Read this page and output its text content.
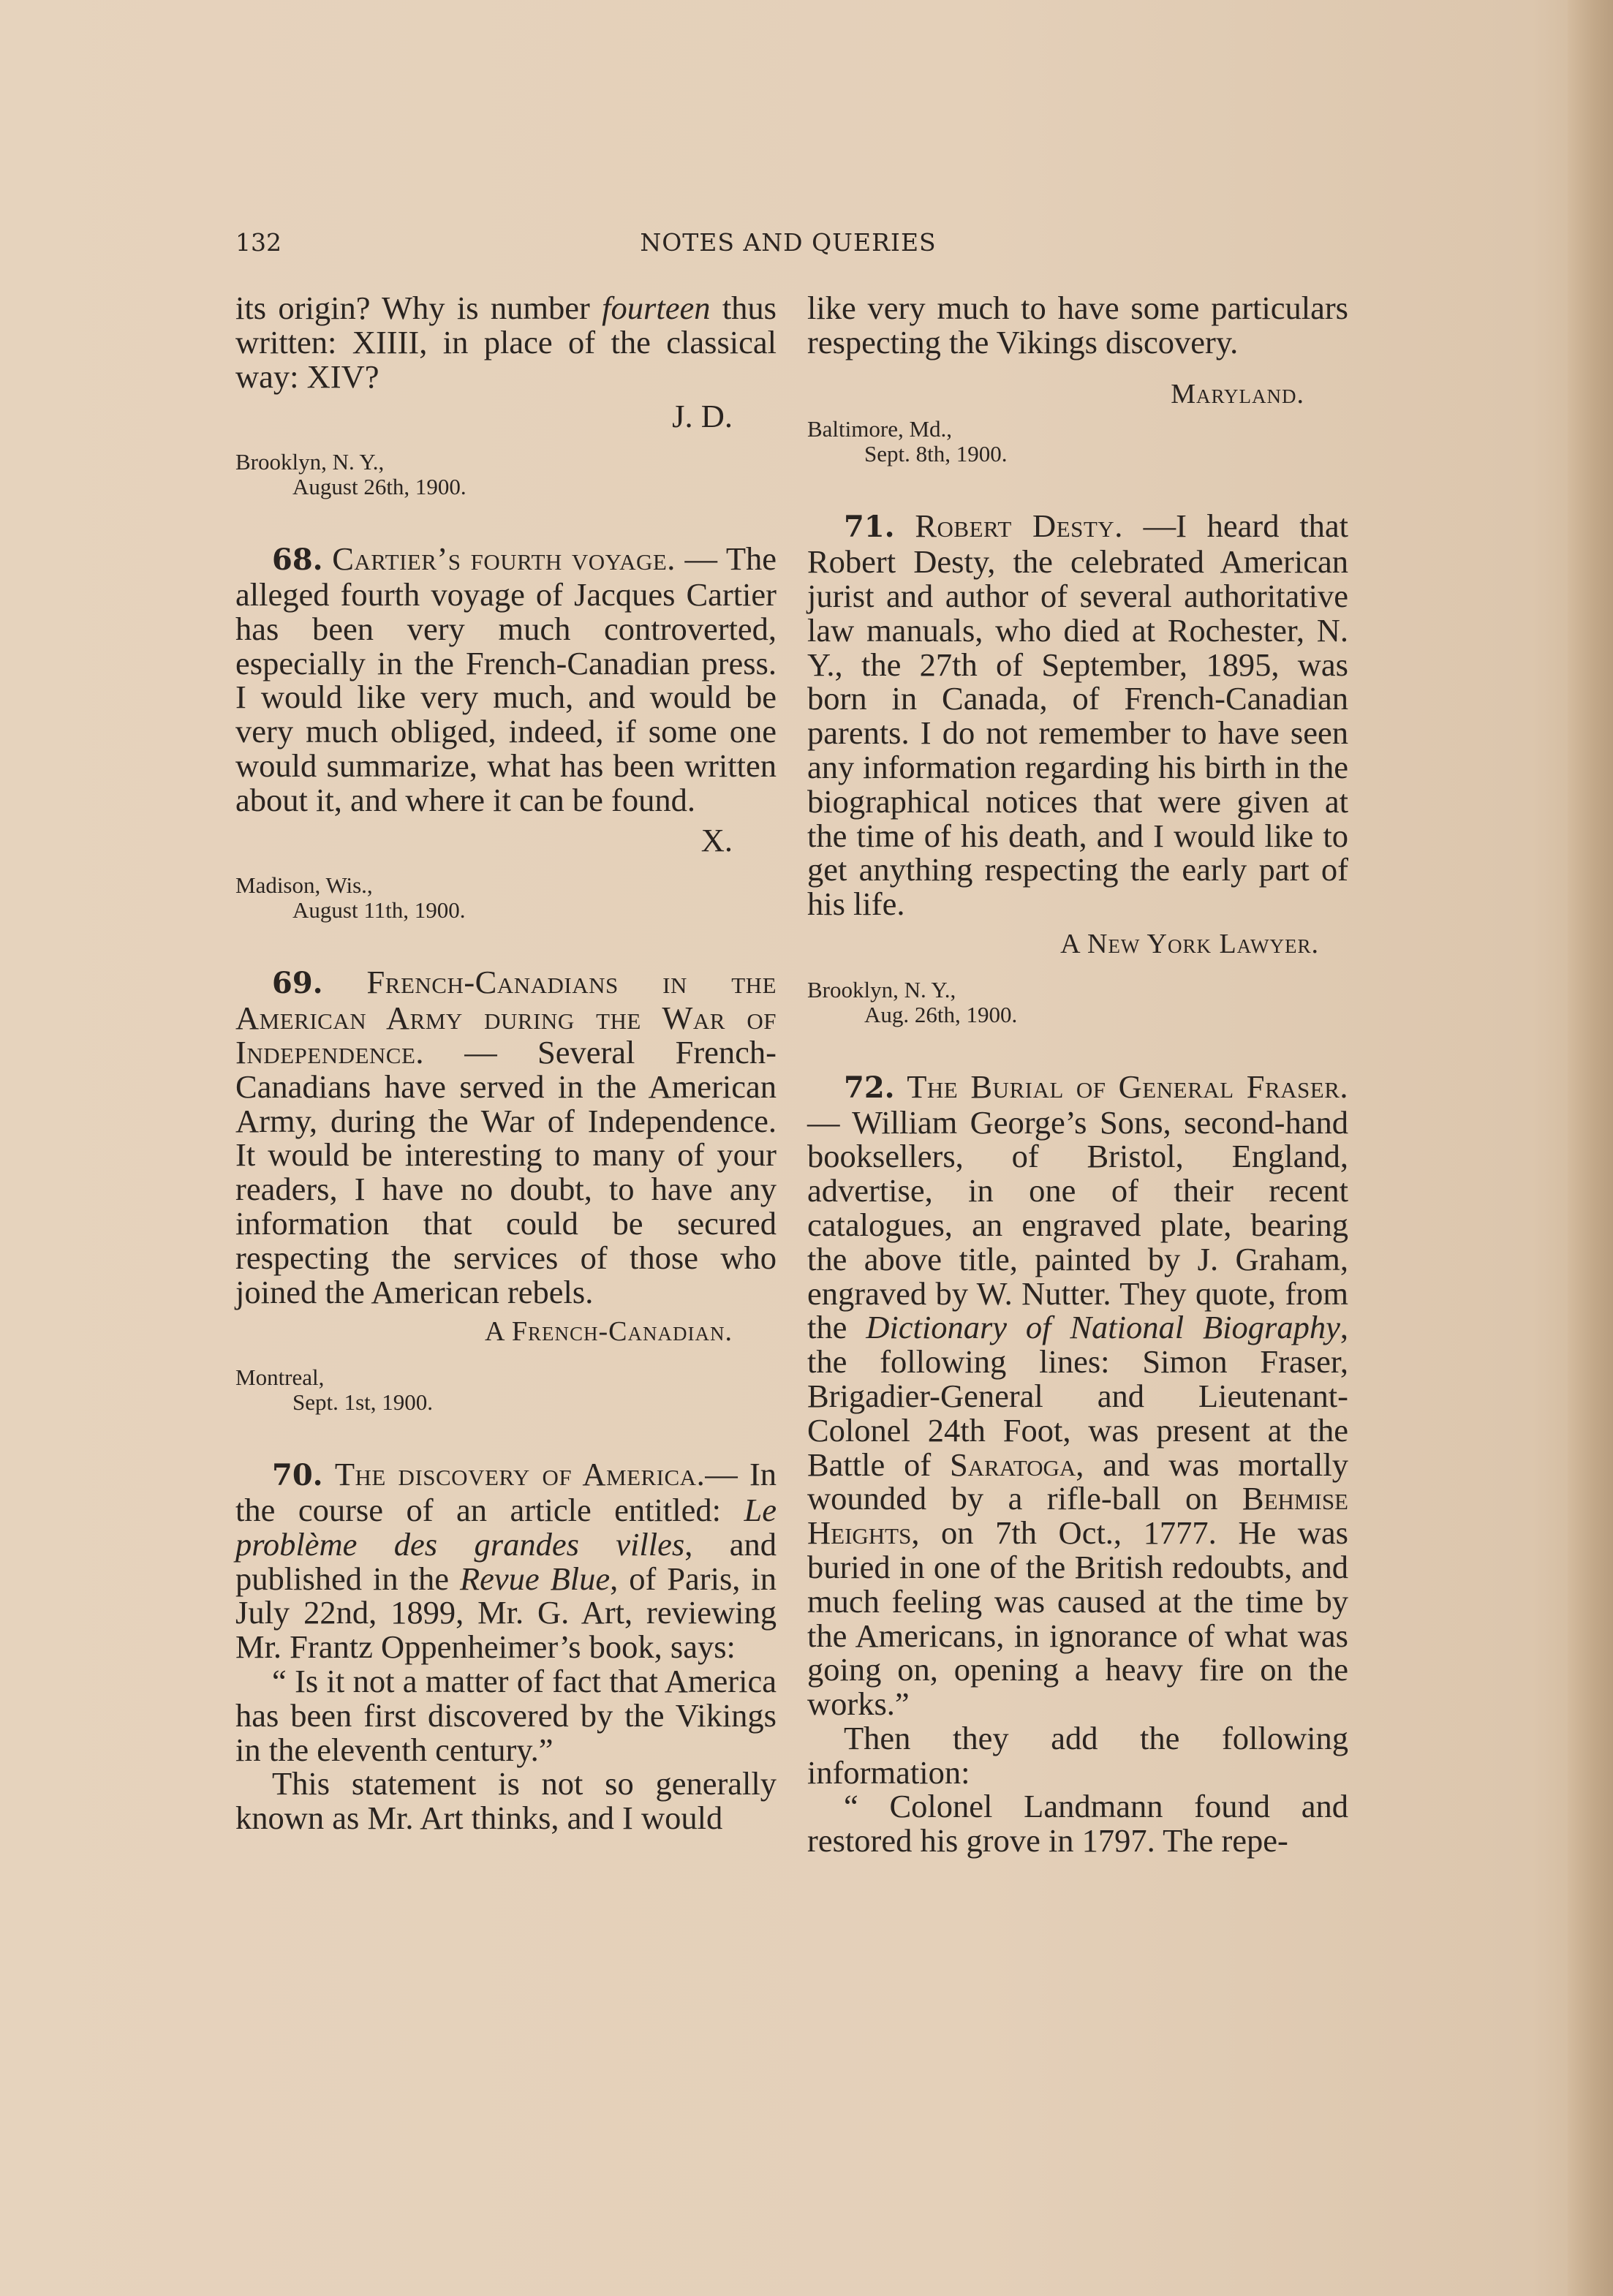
132	NOTES AND QUERIES

its origin? Why is number fourteen thus written: XIIII, in place of the classical way: XIV?

J. D.

Brooklyn, N. Y.,
August 26th, 1900.

68. Cartier’s fourth voyage. — The alleged fourth voyage of Jacques Cartier has been very much controverted, especially in the French-Canadian press. I would like very much, and would be very much obliged, indeed, if some one would summarize, what has been written about it, and where it can be found.

X.

Madison, Wis.,
August 11th, 1900.

69. French-Canadians in the American Army during the War of Independence. — Several French-Canadians have served in the American Army, during the War of Independence. It would be interesting to many of your readers, I have no doubt, to have any information that could be secured respecting the services of those who joined the American rebels.

A French-Canadian.

Montreal,
Sept. 1st, 1900.

70. The discovery of America.— In the course of an article entitled: Le problème des grandes villes, and published in the Revue Blue, of Paris, in July 22nd, 1899, Mr. G. Art, reviewing Mr. Frantz Oppenheimer’s book, says:

“ Is it not a matter of fact that America has been first discovered by the Vikings in the eleventh century.”

This statement is not so generally known as Mr. Art thinks, and I would

like very much to have some particulars respecting the Vikings discovery.

Maryland.

Baltimore, Md.,
Sept. 8th, 1900.

71. Robert Desty. —I heard that Robert Desty, the celebrated American jurist and author of several authoritative law manuals, who died at Rochester, N. Y., the 27th of September, 1895, was born in Canada, of French-Canadian parents. I do not remember to have seen any information regarding his birth in the biographical notices that were given at the time of his death, and I would like to get anything respecting the early part of his life.

A New York Lawyer.

Brooklyn, N. Y.,
Aug. 26th, 1900.

72. The Burial of General Fraser. — William George’s Sons, second-hand booksellers, of Bristol, England, advertise, in one of their recent catalogues, an engraved plate, bearing the above title, painted by J. Graham, engraved by W. Nutter. They quote, from the Dictionary of National Biography, the following lines: Simon Fraser, Brigadier-General and Lieutenant-Colonel 24th Foot, was present at the Battle of Saratoga, and was mortally wounded by a rifle-ball on Behmise Heights, on 7th Oct., 1777. He was buried in one of the British redoubts, and much feeling was caused at the time by the Americans, in ignorance of what was going on, opening a heavy fire on the works.”

Then they add the following information:

“ Colonel Landmann found and restored his grove in 1797. The repe-
